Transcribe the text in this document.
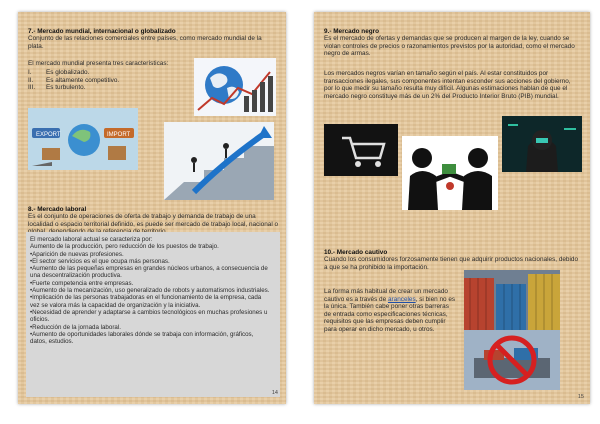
7.- Mercado mundial, internacional o globalizado

Conjunto de las relaciones comerciales entre países, como mercado mundial de la plata.

El mercado mundial presenta tres características:

I. Es globalizado.
II. Es altamente competitivo.
III. Es turbulento.
EXPORT	IMPORT

8.- Mercado laboral

Es el conjunto de operaciones de oferta de trabajo y demanda de trabajo de una localidad o espacio territorial definido, es puede ser mercado de trabajo local, nacional o

El mercado laboral actual se caracteriza por:

Aumento de la producción, pero reducción de los puestos de trabajo.

•Aparición de nuevas profesiones.

•El sector servicios es el que ocupa más personas.

•Aumento de las pequeñas empresas en grandes núcleos urbanos, a consecuencia de una descentralización productiva.

•Fuerte competencia entre empresas.

•Aumento de la mecanización, uso generalizado de robots y automatismos industriales.

•Implicación de las personas trabajadoras en el funcionamiento de la empresa, cada vez se valora más la capacidad de organización y la iniciativa.

•Necesidad de aprender y adaptarse a cambios tecnológicos en muchas profesiones u oficios.

•Reducción de la jornada laboral.

•Aumento de oportunidades laborales dónde se trabaja con información, gráficos, datos, estudios.

14

9.- Mercado negro

Es el mercado de ofertas y demandas que se producen al margen de la ley, cuando se violan controles de precios o razonamientos previstos por la autoridad, como el mercado negro de armas.

Los mercados negros varían en tamaño según el país. Al estar constituidos por transacciones ilegales, sus componentes intentan esconder sus acciones del gobierno, por lo que medir su tamaño resulta muy difícil. Algunas estimaciones hablan de que el mercado negro constituye más de un 2% del Producto Interior Bruto (PIB) mundial.

10.- Mercado cautivo

Cuando los consumidores forzosamente tienen que adquirir productos nacionales, debido a que se ha prohibido la importación.

La forma más habitual de crear un mercado cautivo es a través de aranceles, si bien no es la única. También cabe poner otras barreras de entrada como especificaciones técnicas, requisitos que las empresas deben cumplir para operar en dicho mercado, u otros.

15
